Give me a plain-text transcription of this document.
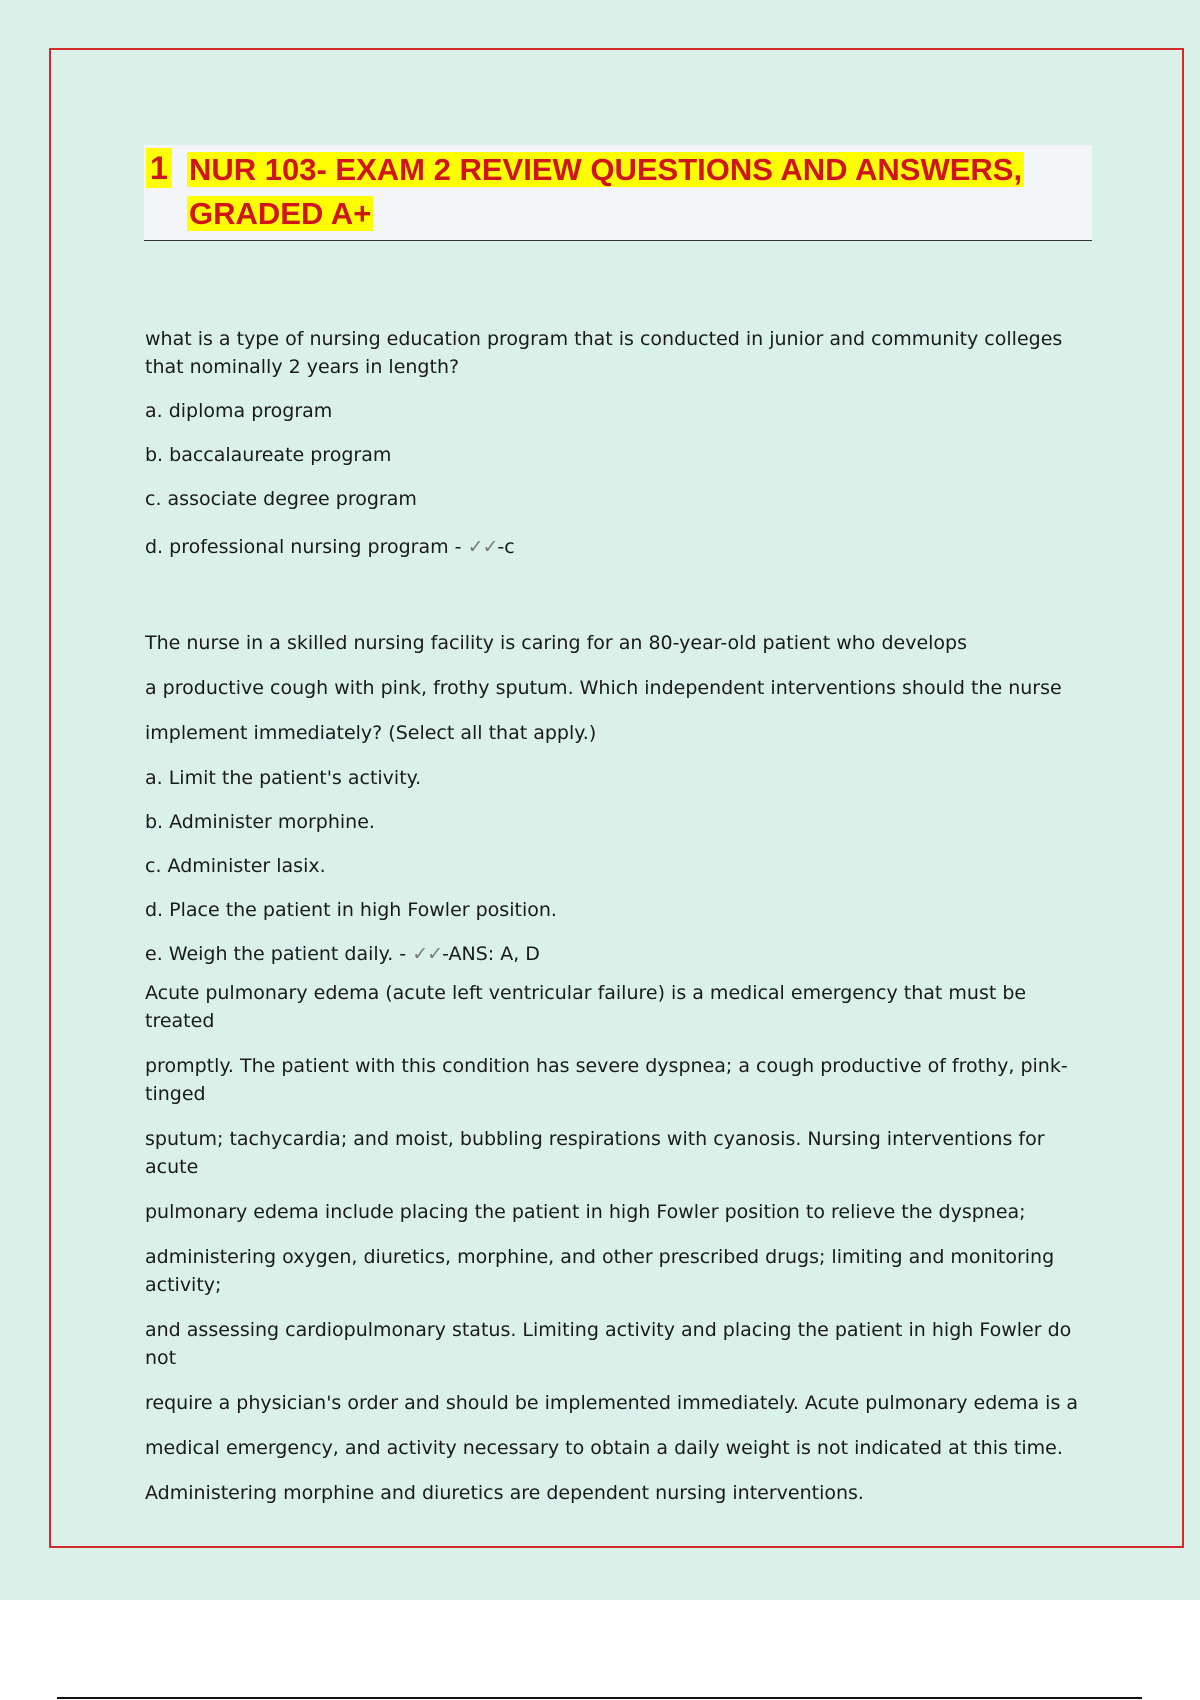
1 NUR 103- EXAM 2 REVIEW QUESTIONS AND ANSWERS, GRADED A+

what is a type of nursing education program that is conducted in junior and community colleges that nominally 2 years in length?

a. diploma program

b. baccalaureate program

c. associate degree program

d. professional nursing program - ✓✓-c

The nurse in a skilled nursing facility is caring for an 80-year-old patient who develops

a productive cough with pink, frothy sputum. Which independent interventions should the nurse

implement immediately? (Select all that apply.)

a. Limit the patient's activity.

b. Administer morphine.

c. Administer lasix.

d. Place the patient in high Fowler position.

e. Weigh the patient daily. - ✓✓-ANS: A, D

Acute pulmonary edema (acute left ventricular failure) is a medical emergency that must be treated

promptly. The patient with this condition has severe dyspnea; a cough productive of frothy, pink-tinged

sputum; tachycardia; and moist, bubbling respirations with cyanosis. Nursing interventions for acute

pulmonary edema include placing the patient in high Fowler position to relieve the dyspnea;

administering oxygen, diuretics, morphine, and other prescribed drugs; limiting and monitoring activity;

and assessing cardiopulmonary status. Limiting activity and placing the patient in high Fowler do not

require a physician's order and should be implemented immediately. Acute pulmonary edema is a

medical emergency, and activity necessary to obtain a daily weight is not indicated at this time.

Administering morphine and diuretics are dependent nursing interventions.
